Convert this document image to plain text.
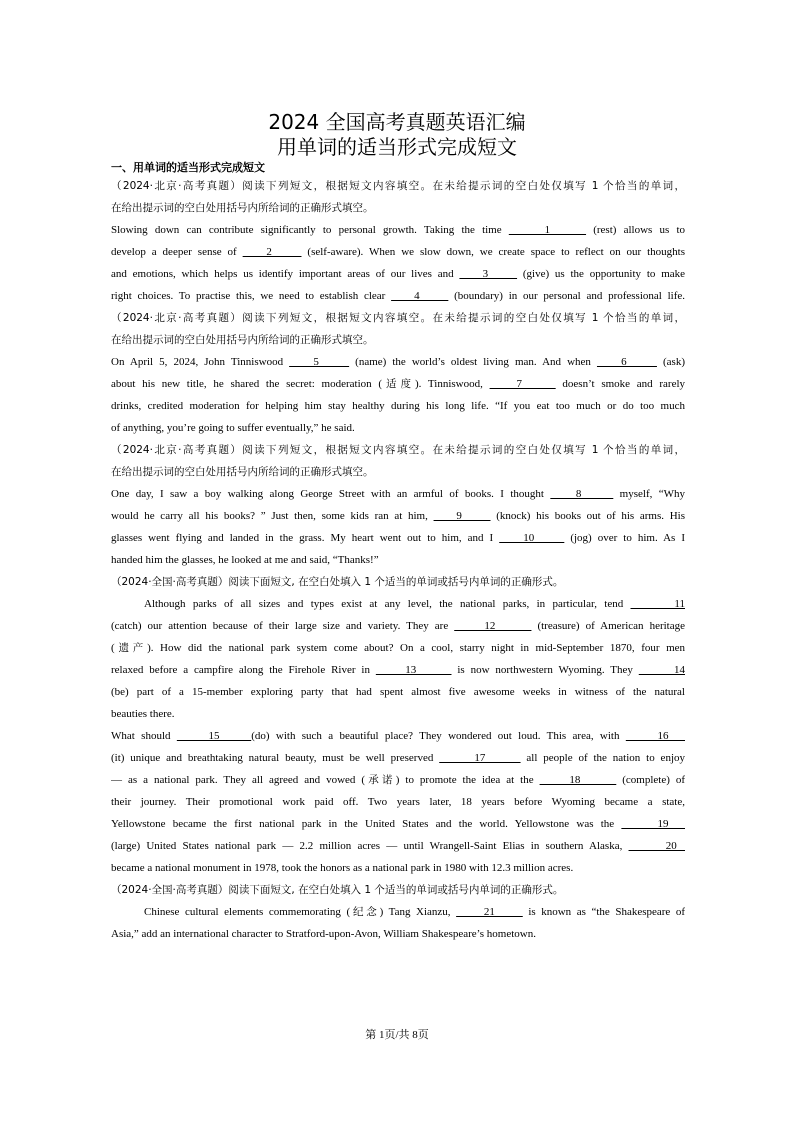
2024 全国高考真题英语汇编
用单词的适当形式完成短文
一、用单词的适当形式完成短文
（2024·北京·高考真题）阅读下列短文，根据短文内容填空。在未给提示词的空白处仅填写 1 个恰当的单词，
在给出提示词的空白处用括号内所给词的正确形式填空。
Slowing down can contribute significantly to personal growth. Taking the time      1      (rest) allows us to
develop a deeper sense of     2      (self-aware). When we slow down, we create space to reflect on our thoughts
and emotions, which helps us identify important areas of our lives and     3      (give) us the opportunity to make
right choices. To practise this, we need to establish clear     4      (boundary) in our personal and professional life.
（2024·北京·高考真题）阅读下列短文，根据短文内容填空。在未给提示词的空白处仅填写 1 个恰当的单词，
在给出提示词的空白处用括号内所给词的正确形式填空。
On April 5, 2024, John Tinniswood     5      (name) the world’s oldest living man. And when     6      (ask)
about his new title, he shared the secret: moderation (适度). Tinniswood,     7      doesn’t smoke and rarely
drinks, credited moderation for helping him stay healthy during his long life. “If you eat too much or do too much
of anything, you’re going to suffer eventually,” he said.
（2024·北京·高考真题）阅读下列短文，根据短文内容填空。在未给提示词的空白处仅填写 1 个恰当的单词，
在给出提示词的空白处用括号内所给词的正确形式填空。
One day, I saw a boy walking along George Street with an armful of books. I thought     8      myself, “Why
would he carry all his books? ” Just then, some kids ran at him,     9      (knock) his books out of his arms. His
glasses went flying and landed in the grass. My heart went out to him, and I     10      (jog) over to him. As I
handed him the glasses, he looked at me and said, “Thanks!”
（2024·全国·高考真题）阅读下面短文, 在空白处填入 1 个适当的单词或括号内单词的正确形式。
Although parks of all sizes and types exist at any level, the national parks, in particular, tend       11
(catch) our attention because of their large size and variety. They are      12       (treasure) of American heritage
(遗产). How did the national park system come about? On a cool, starry night in mid-September 1870, four men
relaxed before a campfire along the Firehole River in      13       is now northwestern Wyoming. They       14
(be) part of a 15-member exploring party that had spent almost five awesome weeks in witness of the natural
beauties there.
What should      15     (do) with such a beautiful place? They wondered out loud. This area, with      16
(it) unique and breathtaking natural beauty, must be well preserved       17       all people of the nation to enjoy
— as a national park. They all agreed and vowed (承诺) to promote the idea at the      18       (complete) of
their journey. Their promotional work paid off. Two years later, 18 years before Wyoming became a state,
Yellowstone became the first national park in the United States and the world. Yellowstone was the      19
(large) United States national park — 2.2 million acres — until Wrangell-Saint Elias in southern Alaska,       20
became a national monument in 1978, took the honors as a national park in 1980 with 12.3 million acres.
（2024·全国·高考真题）阅读下面短文, 在空白处填入 1 个适当的单词或括号内单词的正确形式。
Chinese cultural elements commemorating (纪念) Tang Xianzu,      21      is known as “the Shakespeare of
Asia,” add an international character to Stratford-upon-Avon, William Shakespeare’s hometown.
第 1页/共 8页
